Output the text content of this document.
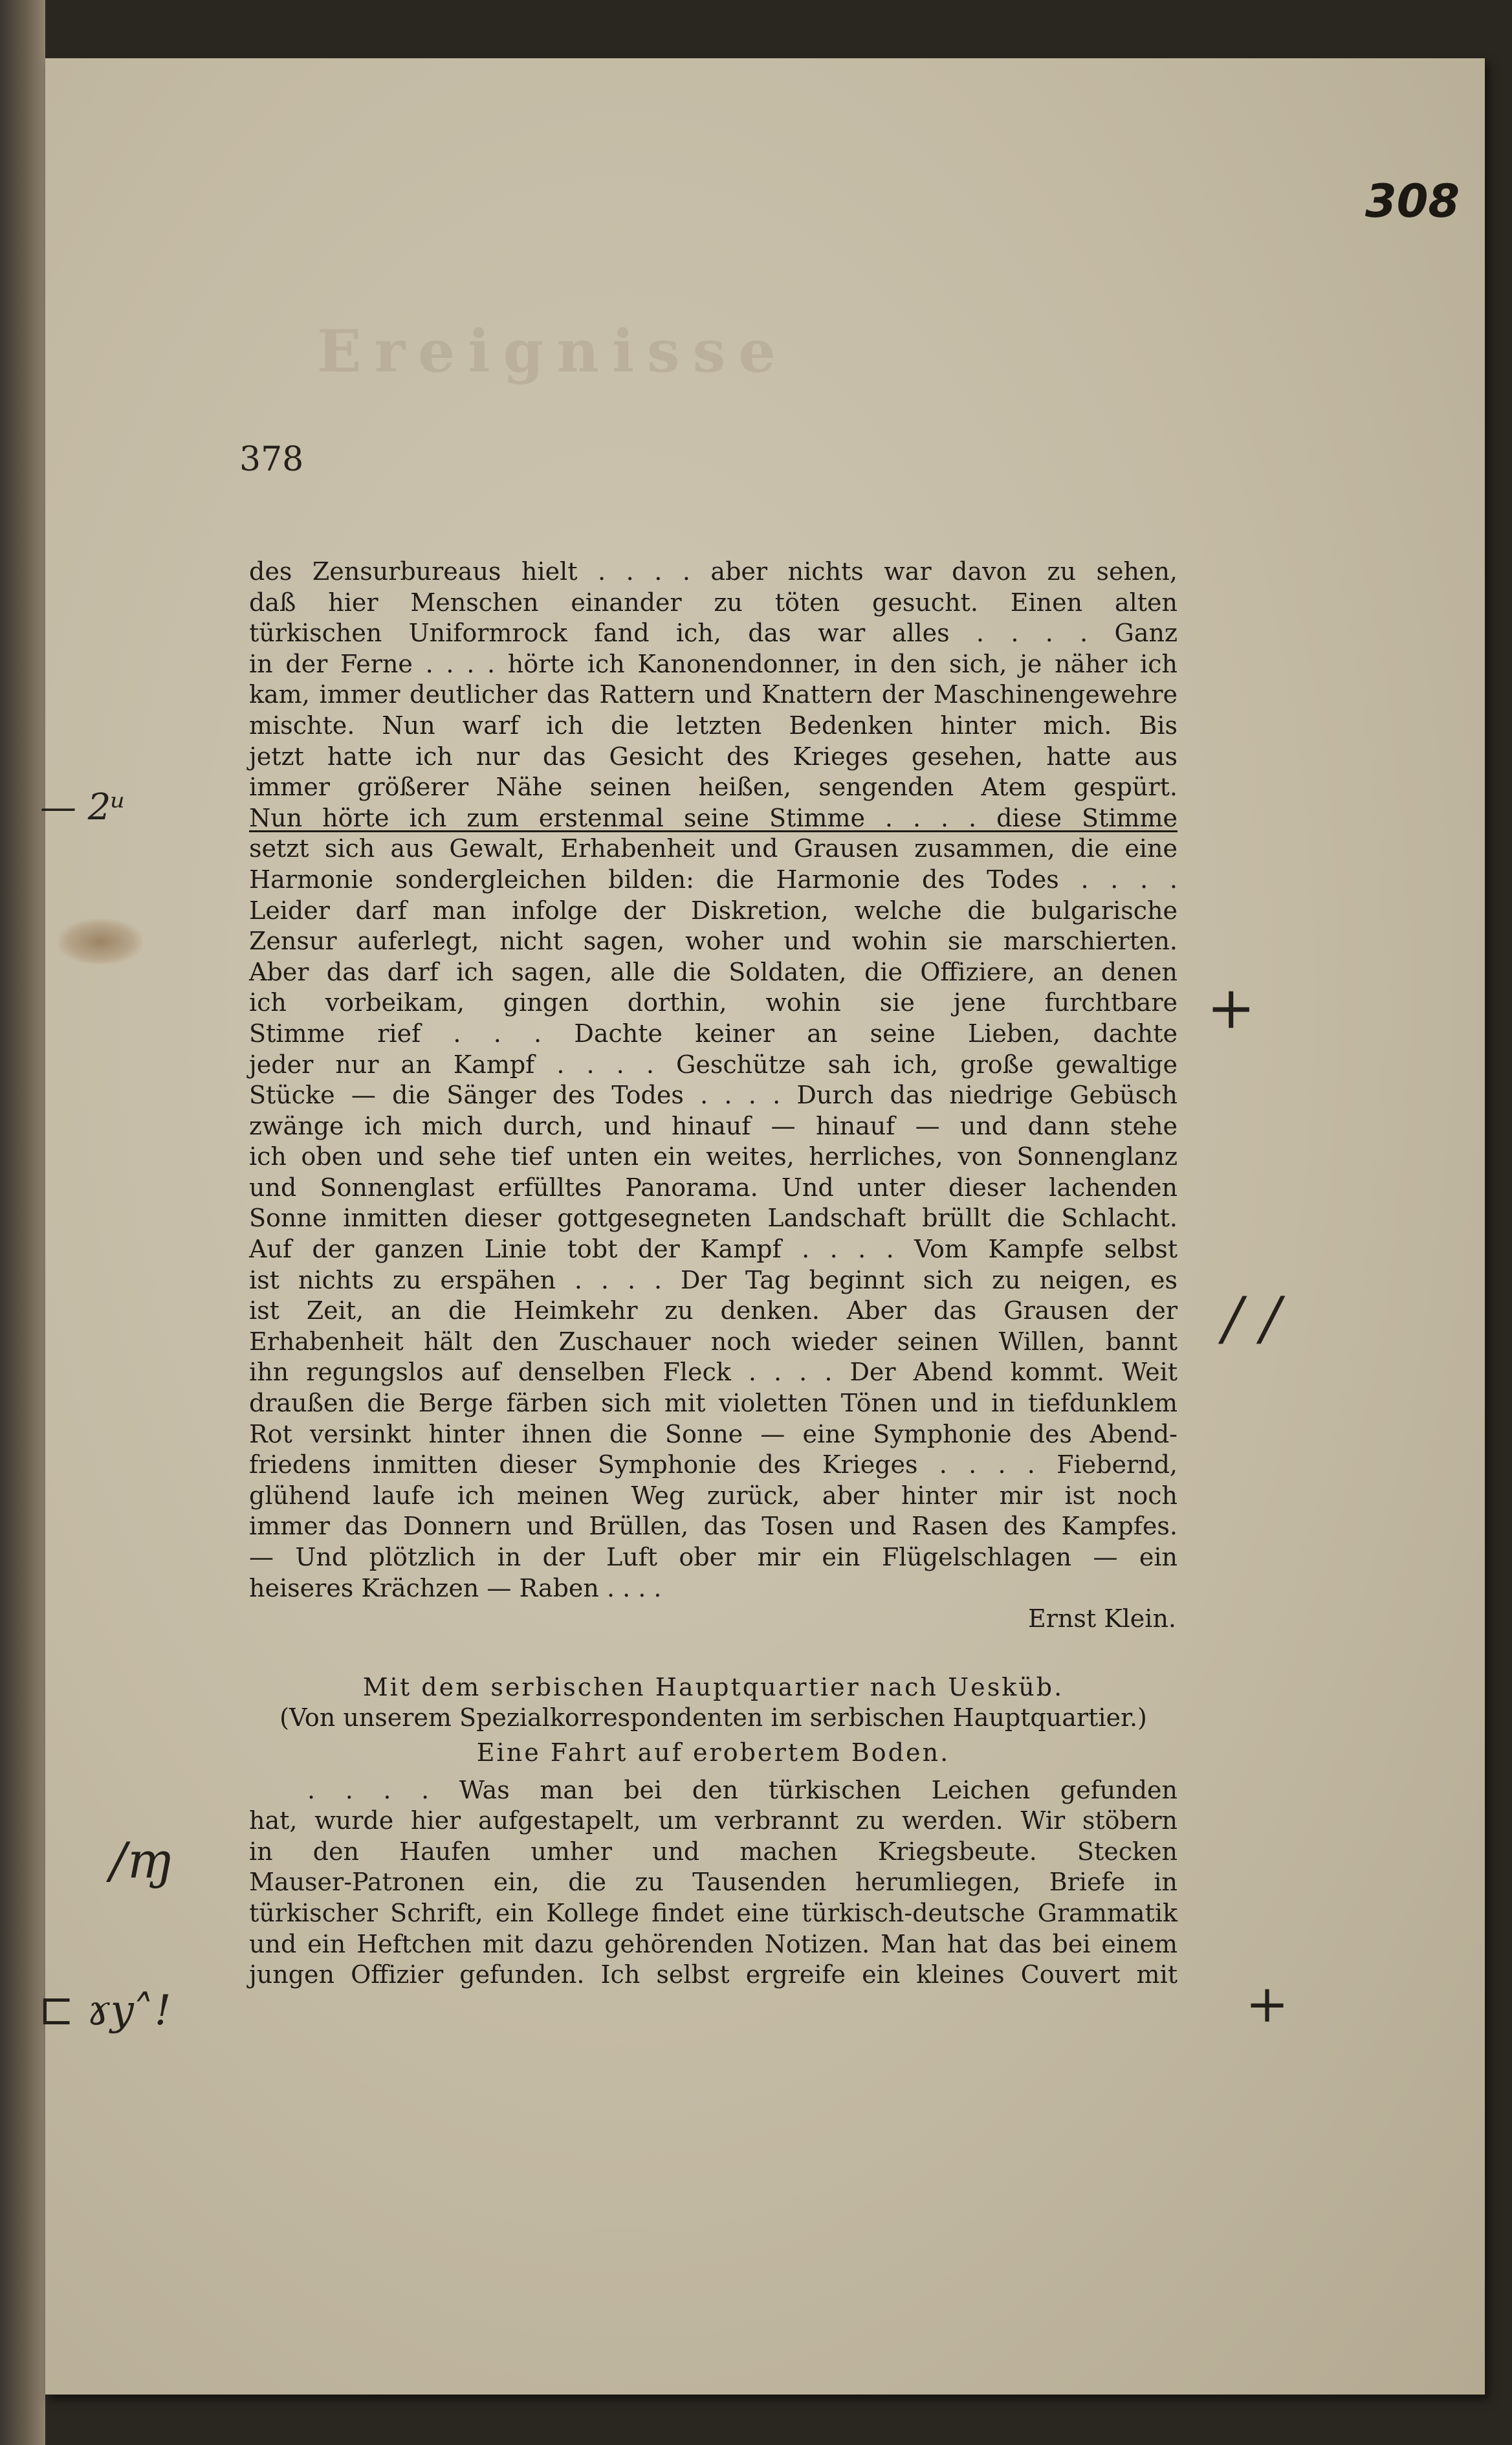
Ereignisse
308
378
— 2ᵘ
/ ∕
/ɱ
⊏ ɤy˄!
+
+
des Zensurbureaus hielt . . . . aber nichts war davon zu sehen,
daß hier Menschen einander zu töten gesucht. Einen alten
türkischen Uniformrock fand ich, das war alles . . . . Ganz
in der Ferne . . . . hörte ich Kanonendonner, in den sich, je näher ich
kam, immer deutlicher das Rattern und Knattern der Maschinengewehre
mischte. Nun warf ich die letzten Bedenken hinter mich. Bis
jetzt hatte ich nur das Gesicht des Krieges gesehen, hatte aus
immer größerer Nähe seinen heißen, sengenden Atem gespürt.
Nun hörte ich zum erstenmal seine Stimme . . . . diese Stimme
setzt sich aus Gewalt, Erhabenheit und Grausen zusammen, die eine
Harmonie sondergleichen bilden: die Harmonie des Todes . . . .
Leider darf man infolge der Diskretion, welche die bulgarische
Zensur auferlegt, nicht sagen, woher und wohin sie marschierten.
Aber das darf ich sagen, alle die Soldaten, die Offiziere, an denen
ich vorbeikam, gingen dorthin, wohin sie jene furchtbare
Stimme rief . . . Dachte keiner an seine Lieben, dachte
jeder nur an Kampf . . . . Geschütze sah ich, große gewaltige
Stücke — die Sänger des Todes . . . . Durch das niedrige Gebüsch
zwänge ich mich durch, und hinauf — hinauf — und dann stehe
ich oben und sehe tief unten ein weites, herrliches, von Sonnenglanz
und Sonnenglast erfülltes Panorama. Und unter dieser lachenden
Sonne inmitten dieser gottgesegneten Landschaft brüllt die Schlacht.
Auf der ganzen Linie tobt der Kampf . . . . Vom Kampfe selbst
ist nichts zu erspähen . . . . Der Tag beginnt sich zu neigen, es
ist Zeit, an die Heimkehr zu denken. Aber das Grausen der
Erhabenheit hält den Zuschauer noch wieder seinen Willen, bannt
ihn regungslos auf denselben Fleck . . . . Der Abend kommt. Weit
draußen die Berge färben sich mit violetten Tönen und in tiefdunklem
Rot versinkt hinter ihnen die Sonne — eine Symphonie des Abend-
friedens inmitten dieser Symphonie des Krieges . . . . Fiebernd,
glühend laufe ich meinen Weg zurück, aber hinter mir ist noch
immer das Donnern und Brüllen, das Tosen und Rasen des Kampfes.
— Und plötzlich in der Luft ober mir ein Flügelschlagen — ein
heiseres Krächzen — Raben . . . .
Ernst Klein.
Mit dem serbischen Hauptquartier nach Uesküb.
(Von unserem Spezialkorrespondenten im serbischen Hauptquartier.)
Eine Fahrt auf erobertem Boden.
. . . . Was man bei den türkischen Leichen gefunden
hat, wurde hier aufgestapelt, um verbrannt zu werden. Wir stöbern
in den Haufen umher und machen Kriegsbeute. Stecken
Mauser-Patronen ein, die zu Tausenden herumliegen, Briefe in
türkischer Schrift, ein Kollege findet eine türkisch-deutsche Grammatik
und ein Heftchen mit dazu gehörenden Notizen. Man hat das bei einem
jungen Offizier gefunden. Ich selbst ergreife ein kleines Couvert mit
